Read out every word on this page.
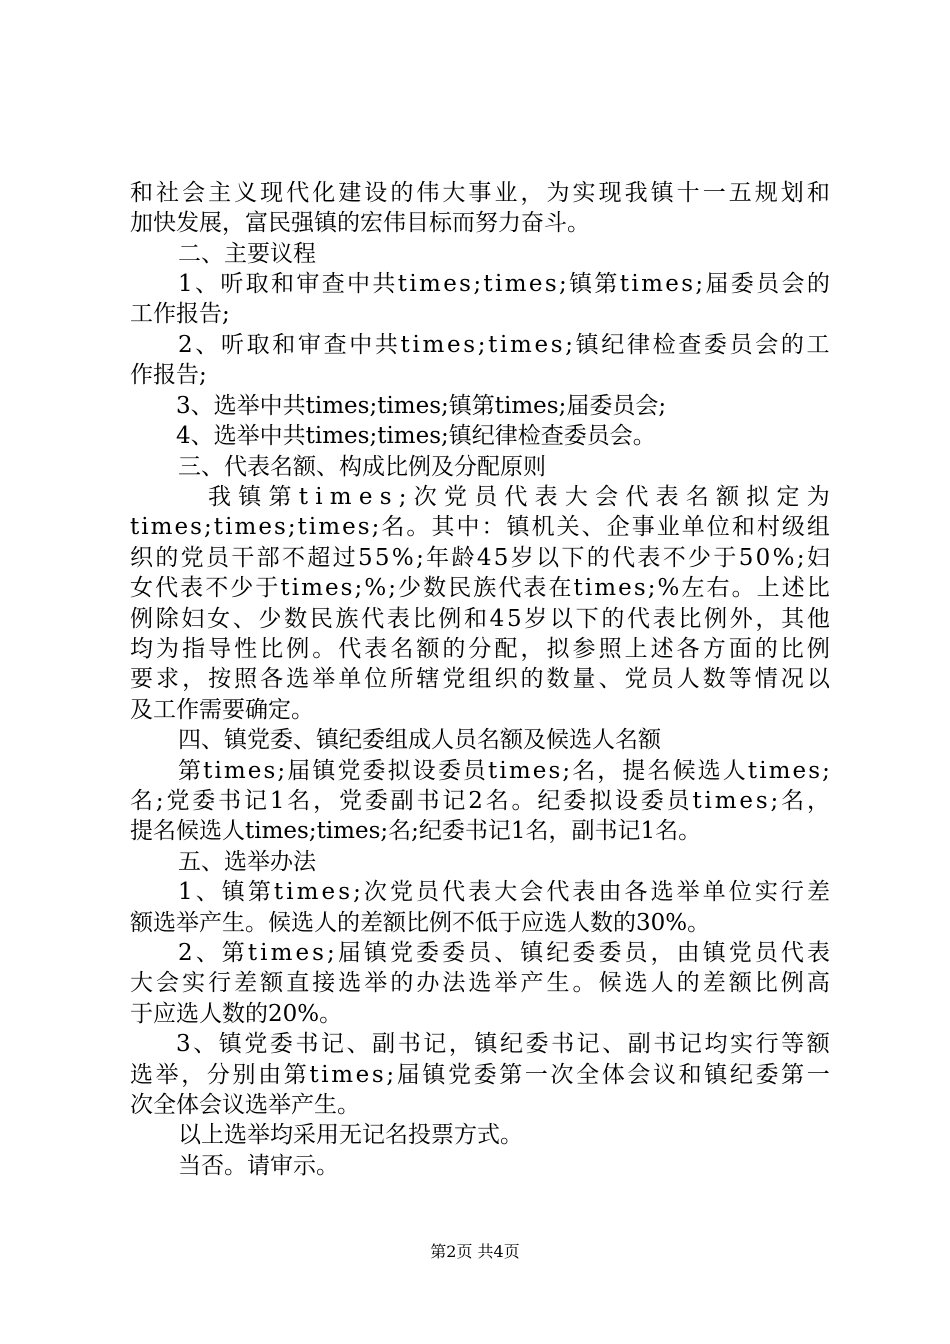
和 社 会 主 义 现 代 化 建 设 的 伟 大 事 业 ， 为 实 现 我 镇 十 一 五 规 划 和
加快发展，富民强镇的宏伟目标而努力奋斗。
二、主要议程
1 、 听 取 和 审 查 中 共 t i m e s ; t i m e s ; 镇 第 t i m e s ; 届 委 员 会 的
工作报告;
2 、 听 取 和 审 查 中 共 t i m e s ; t i m e s ; 镇 纪 律 检 查 委 员 会 的 工
作报告;
3、选举中共times;times;镇第times;届委员会;
4、选举中共times;times;镇纪律检查委员会。
三、代表名额、构成比例及分配原则
我 镇 第 t i m e s ; 次 党 员 代 表 大 会 代 表 名 额 拟 定 为
t i m e s ; t i m e s ; t i m e s ; 名 。 其 中 ： 镇 机 关 、 企 事 业 单 位 和 村 级 组
织 的 党 员 干 部 不 超 过 5 5 % ; 年 龄 4 5 岁 以 下 的 代 表 不 少 于 5 0 % ; 妇
女 代 表 不 少 于 t i m e s ; % ; 少 数 民 族 代 表 在 t i m e s ; % 左 右 。 上 述 比
例 除 妇 女 、 少 数 民 族 代 表 比 例 和 4 5 岁 以 下 的 代 表 比 例 外 ， 其 他
均 为 指 导 性 比 例 。 代 表 名 额 的 分 配 ， 拟 参 照 上 述 各 方 面 的 比 例
要 求 ， 按 照 各 选 举 单 位 所 辖 党 组 织 的 数 量 、 党 员 人 数 等 情 况 以
及工作需要确定。
四、镇党委、镇纪委组成人员名额及候选人名额
第 t i m e s ; 届 镇 党 委 拟 设 委 员 t i m e s ; 名 ， 提 名 候 选 人 t i m e s ;
名 ; 党 委 书 记 1 名 ， 党 委 副 书 记 2 名 。 纪 委 拟 设 委 员 t i m e s ; 名 ，
提名候选人times;times;名;纪委书记1名，副书记1名。
五、选举办法
1 、 镇 第 t i m e s ; 次 党 员 代 表 大 会 代 表 由 各 选 举 单 位 实 行 差
额选举产生。候选人的差额比例不低于应选人数的30%。
2 、 第 t i m e s ; 届 镇 党 委 委 员 、 镇 纪 委 委 员 ， 由 镇 党 员 代 表
大 会 实 行 差 额 直 接 选 举 的 办 法 选 举 产 生 。 候 选 人 的 差 额 比 例 高
于应选人数的20%。
3 、 镇 党 委 书 记 、 副 书 记 ， 镇 纪 委 书 记 、 副 书 记 均 实 行 等 额
选 举 ， 分 别 由 第 t i m e s ; 届 镇 党 委 第 一 次 全 体 会 议 和 镇 纪 委 第 一
次全体会议选举产生。
以上选举均采用无记名投票方式。
当否。请审示。
第2页 共4页
